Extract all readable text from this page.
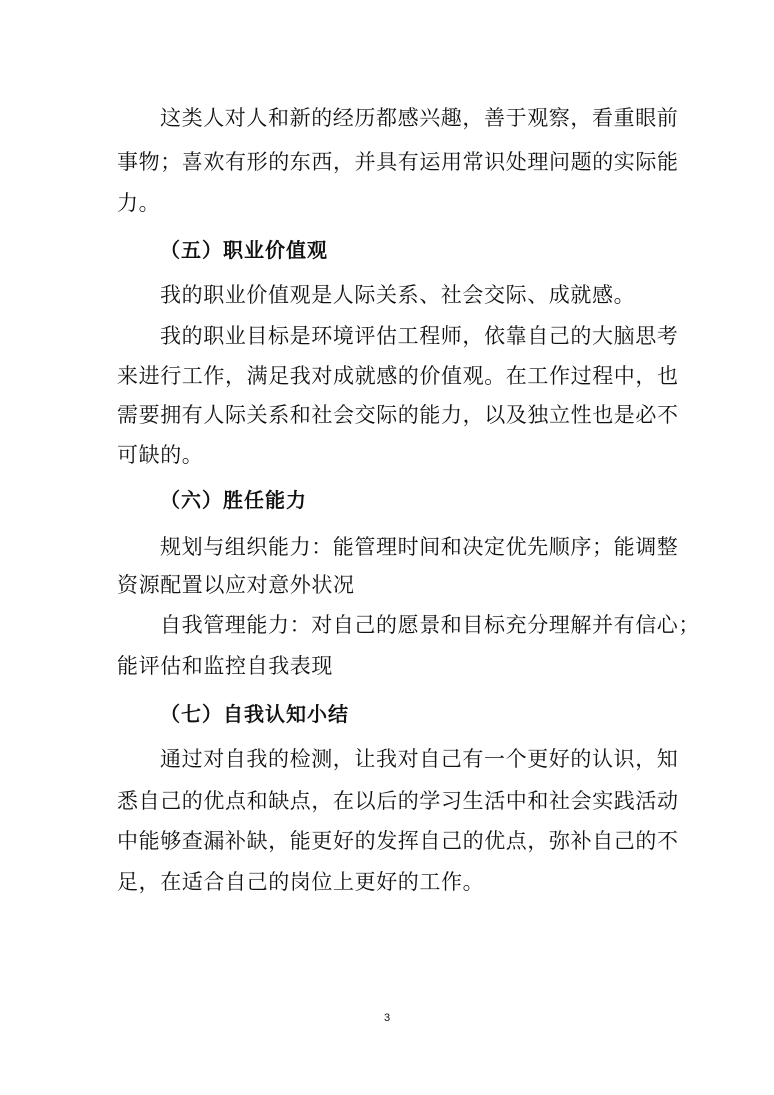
这类人对人和新的经历都感兴趣，善于观察，看重眼前
事物；喜欢有形的东西，并具有运用常识处理问题的实际能
力。
（五）职业价值观
我的职业价值观是人际关系、社会交际、成就感。
我的职业目标是环境评估工程师，依靠自己的大脑思考
来进行工作，满足我对成就感的价值观。在工作过程中，也
需要拥有人际关系和社会交际的能力，以及独立性也是必不
可缺的。
（六）胜任能力
规划与组织能力：能管理时间和决定优先顺序；能调整
资源配置以应对意外状况
自我管理能力：对自己的愿景和目标充分理解并有信心；
能评估和监控自我表现
（七）自我认知小结
通过对自我的检测，让我对自己有一个更好的认识，知
悉自己的优点和缺点，在以后的学习生活中和社会实践活动
中能够查漏补缺，能更好的发挥自己的优点，弥补自己的不
足，在适合自己的岗位上更好的工作。
3
